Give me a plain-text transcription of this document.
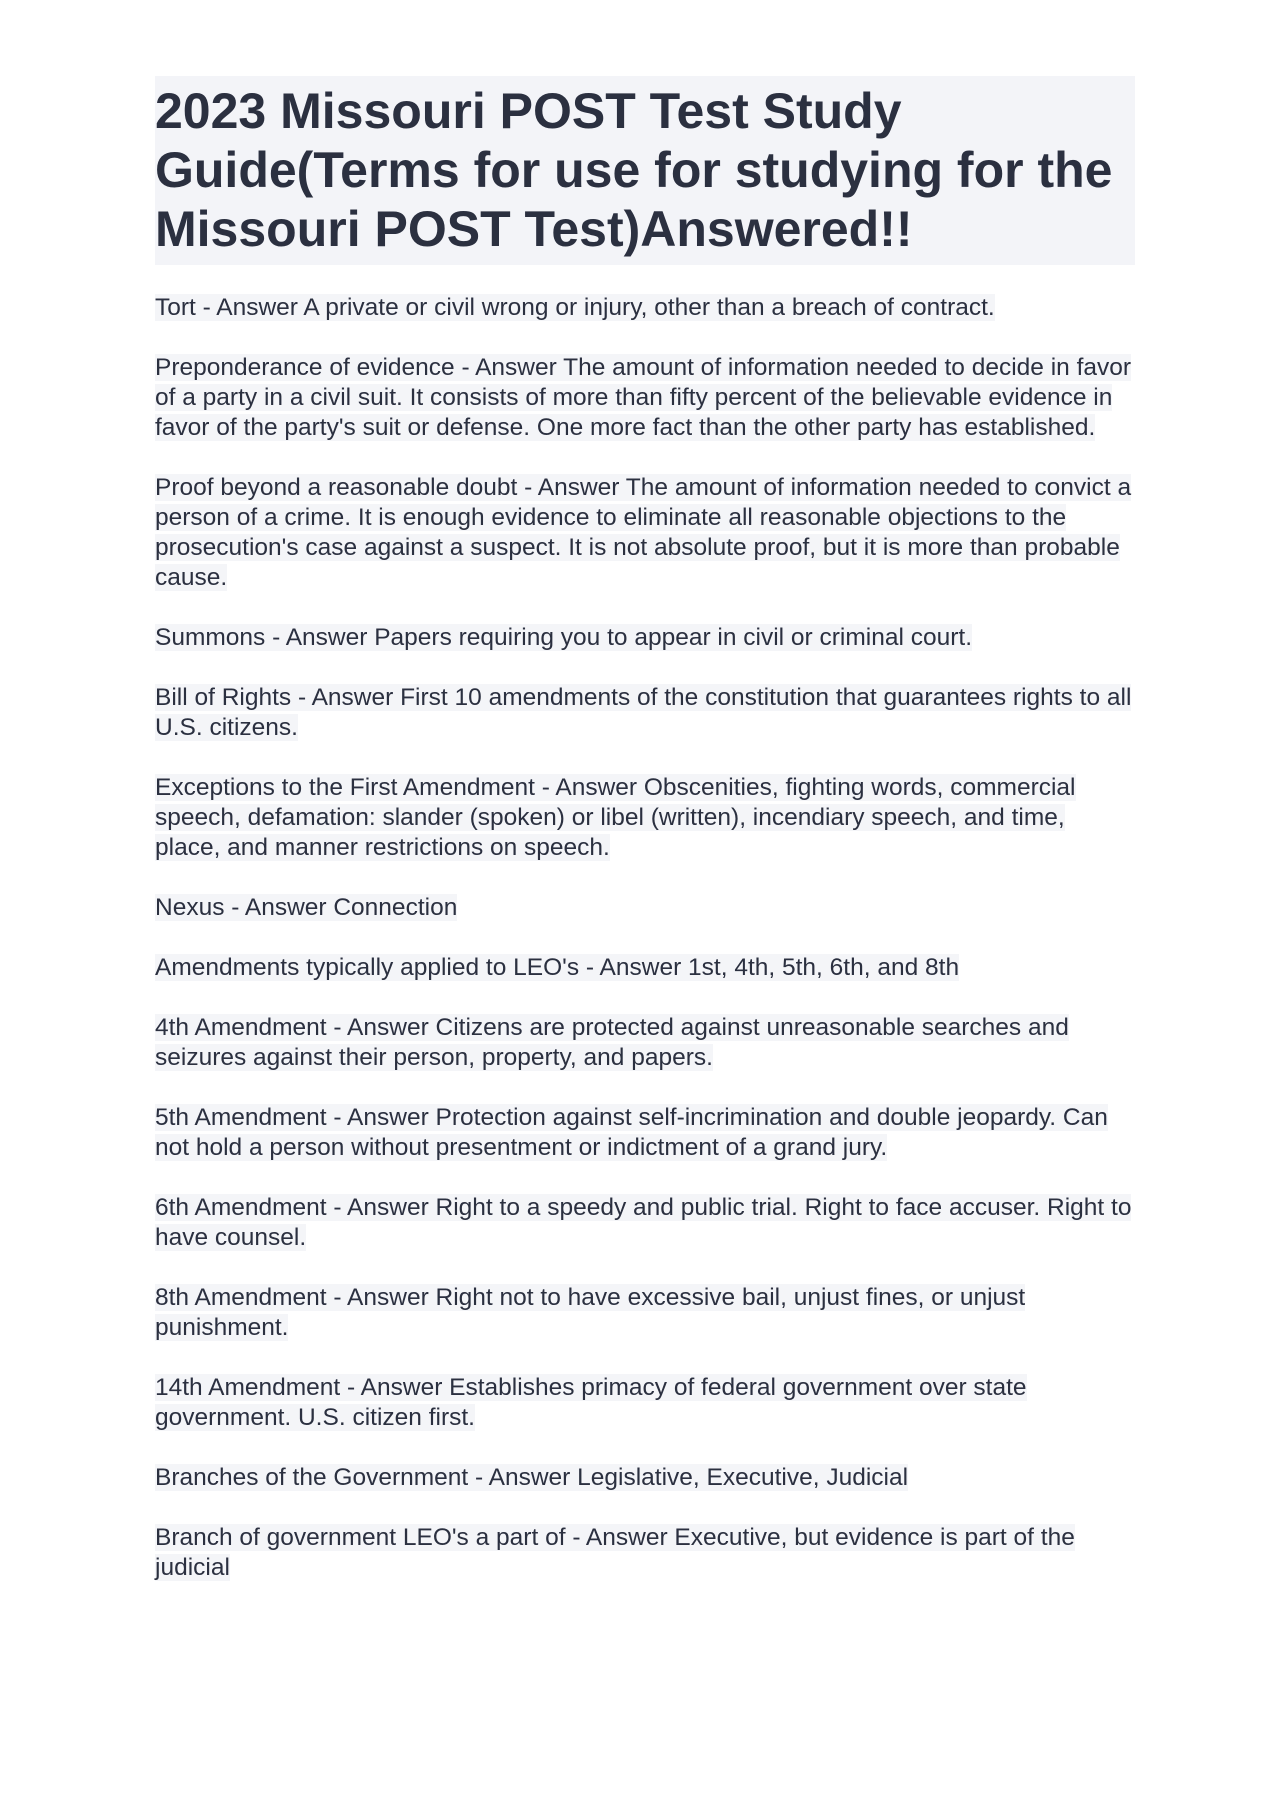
2023 Missouri POST Test Study Guide(Terms for use for studying for the Missouri POST Test)Answered!!
Tort - Answer A private or civil wrong or injury, other than a breach of contract.
Preponderance of evidence - Answer The amount of information needed to decide in favor of a party in a civil suit. It consists of more than fifty percent of the believable evidence in favor of the party's suit or defense. One more fact than the other party has established.
Proof beyond a reasonable doubt - Answer The amount of information needed to convict a person of a crime. It is enough evidence to eliminate all reasonable objections to the prosecution's case against a suspect. It is not absolute proof, but it is more than probable cause.
Summons - Answer Papers requiring you to appear in civil or criminal court.
Bill of Rights - Answer First 10 amendments of the constitution that guarantees rights to all U.S. citizens.
Exceptions to the First Amendment - Answer Obscenities, fighting words, commercial speech, defamation: slander (spoken) or libel (written), incendiary speech, and time, place, and manner restrictions on speech.
Nexus - Answer Connection
Amendments typically applied to LEO's - Answer 1st, 4th, 5th, 6th, and 8th
4th Amendment - Answer Citizens are protected against unreasonable searches and seizures against their person, property, and papers.
5th Amendment - Answer Protection against self-incrimination and double jeopardy. Can not hold a person without presentment or indictment of a grand jury.
6th Amendment - Answer Right to a speedy and public trial. Right to face accuser. Right to have counsel.
8th Amendment - Answer Right not to have excessive bail, unjust fines, or unjust punishment.
14th Amendment - Answer Establishes primacy of federal government over state government. U.S. citizen first.
Branches of the Government - Answer Legislative, Executive, Judicial
Branch of government LEO's a part of - Answer Executive, but evidence is part of the judicial
